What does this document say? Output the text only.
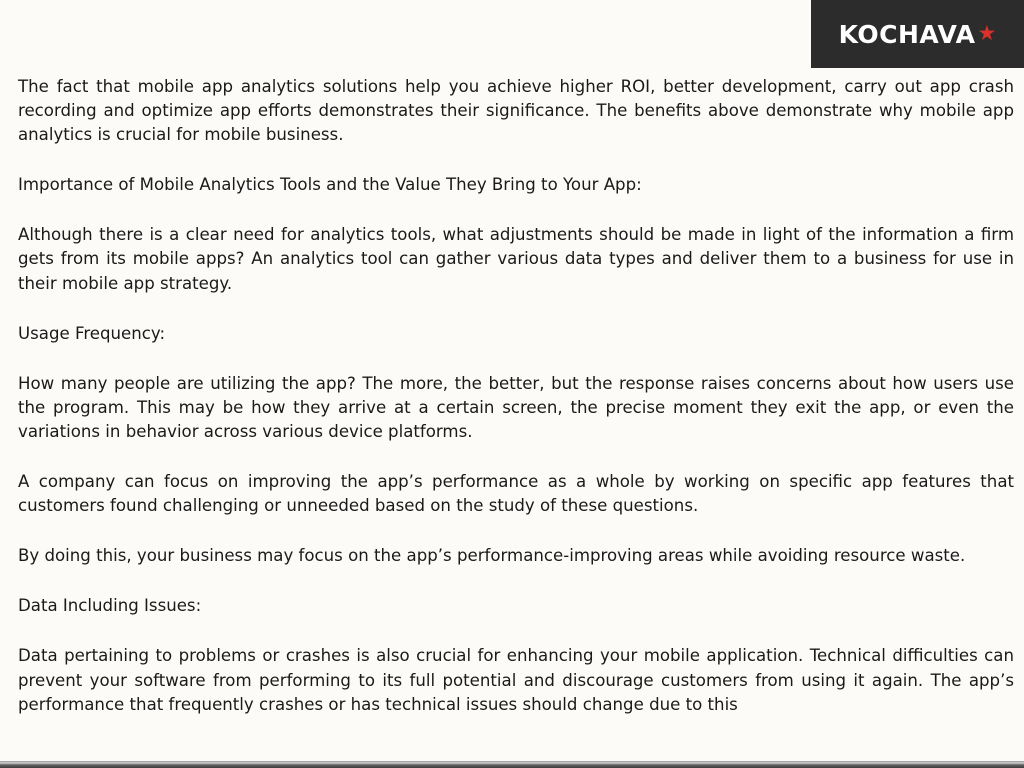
KOCHAVA ★

The fact that mobile app analytics solutions help you achieve higher ROI, better development, carry out app crash recording and optimize app efforts demonstrates their significance. The benefits above demonstrate why mobile app analytics is crucial for mobile business.

Importance of Mobile Analytics Tools and the Value They Bring to Your App:

Although there is a clear need for analytics tools, what adjustments should be made in light of the information a firm gets from its mobile apps? An analytics tool can gather various data types and deliver them to a business for use in their mobile app strategy.

Usage Frequency:

How many people are utilizing the app? The more, the better, but the response raises concerns about how users use the program. This may be how they arrive at a certain screen, the precise moment they exit the app, or even the variations in behavior across various device platforms.

A company can focus on improving the app’s performance as a whole by working on specific app features that customers found challenging or unneeded based on the study of these questions.

By doing this, your business may focus on the app’s performance-improving areas while avoiding resource waste.

Data Including Issues:

Data pertaining to problems or crashes is also crucial for enhancing your mobile application. Technical difficulties can prevent your software from performing to its full potential and discourage customers from using it again. The app’s performance that frequently crashes or has technical issues should change due to this
